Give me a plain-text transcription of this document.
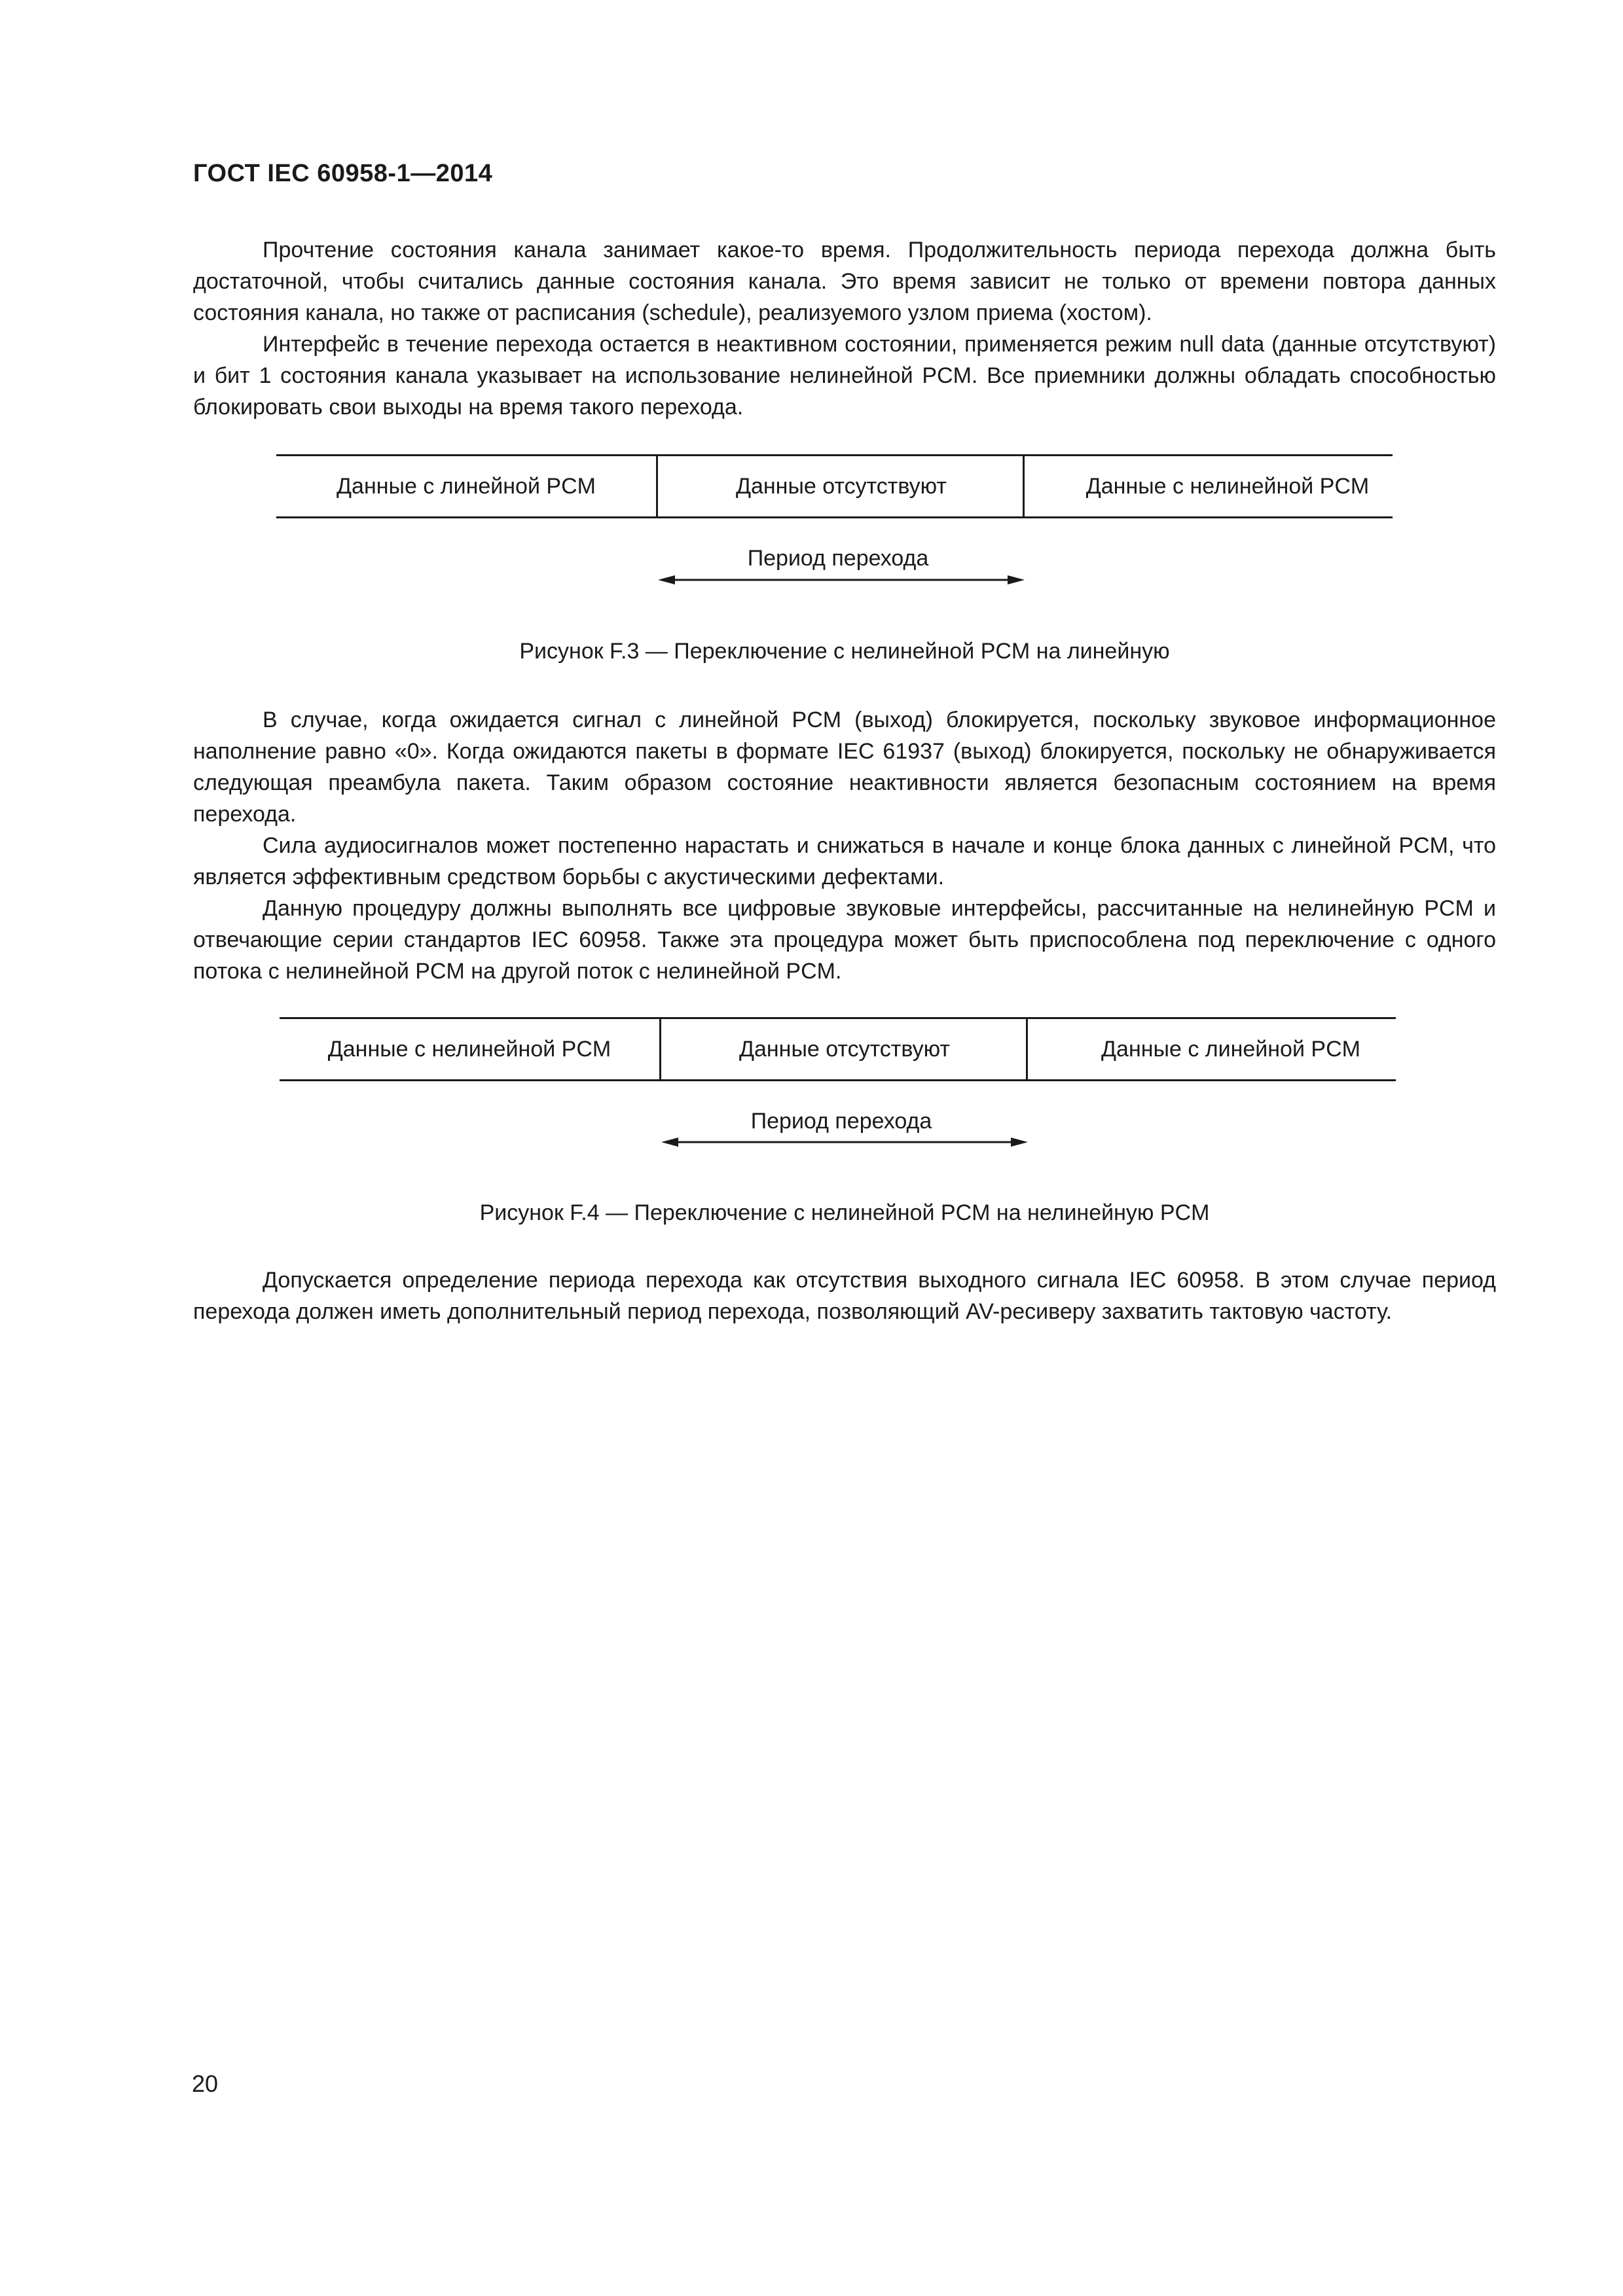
ГОСТ IEC 60958-1—2014

Прочтение состояния канала занимает какое-то время. Продолжительность периода перехода должна быть достаточной, чтобы считались данные состояния канала. Это время зависит не только от времени повтора данных состояния канала, но также от расписания (schedule), реализуемого узлом приема (хостом).

Интерфейс в течение перехода остается в неактивном состоянии, применяется режим null data (данные отсутствуют) и бит 1 состояния канала указывает на использование нелинейной PCM. Все приемники должны обладать способностью блокировать свои выходы на время такого перехода.

Данные с линейной PCM	Данные отсутствуют	Данные с нелинейной PCM
Период перехода
Рисунок F.3 — Переключение с нелинейной PCM на линейную

В случае, когда ожидается сигнал с линейной PCM (выход) блокируется, поскольку звуковое информационное наполнение равно «0». Когда ожидаются пакеты в формате IEC 61937 (выход) блокируется, поскольку не обнаруживается следующая преамбула пакета. Таким образом состояние неактивности является безопасным состоянием на время перехода.

Сила аудиосигналов может постепенно нарастать и снижаться в начале и конце блока данных с линейной PCM, что является эффективным средством борьбы с акустическими дефектами.

Данную процедуру должны выполнять все цифровые звуковые интерфейсы, рассчитанные на нелинейную PCM и отвечающие серии стандартов IEC 60958. Также эта процедура может быть приспособлена под переключение с одного потока с нелинейной PCM на другой поток с нелинейной PCM.

Данные с нелинейной PCM	Данные отсутствуют	Данные с линейной PCM
Период перехода
Рисунок F.4 — Переключение с нелинейной PCM на нелинейную PCM

Допускается определение периода перехода как отсутствия выходного сигнала IEC 60958. В этом случае период перехода должен иметь дополнительный период перехода, позволяющий AV-ресиверу захватить тактовую частоту.

20
